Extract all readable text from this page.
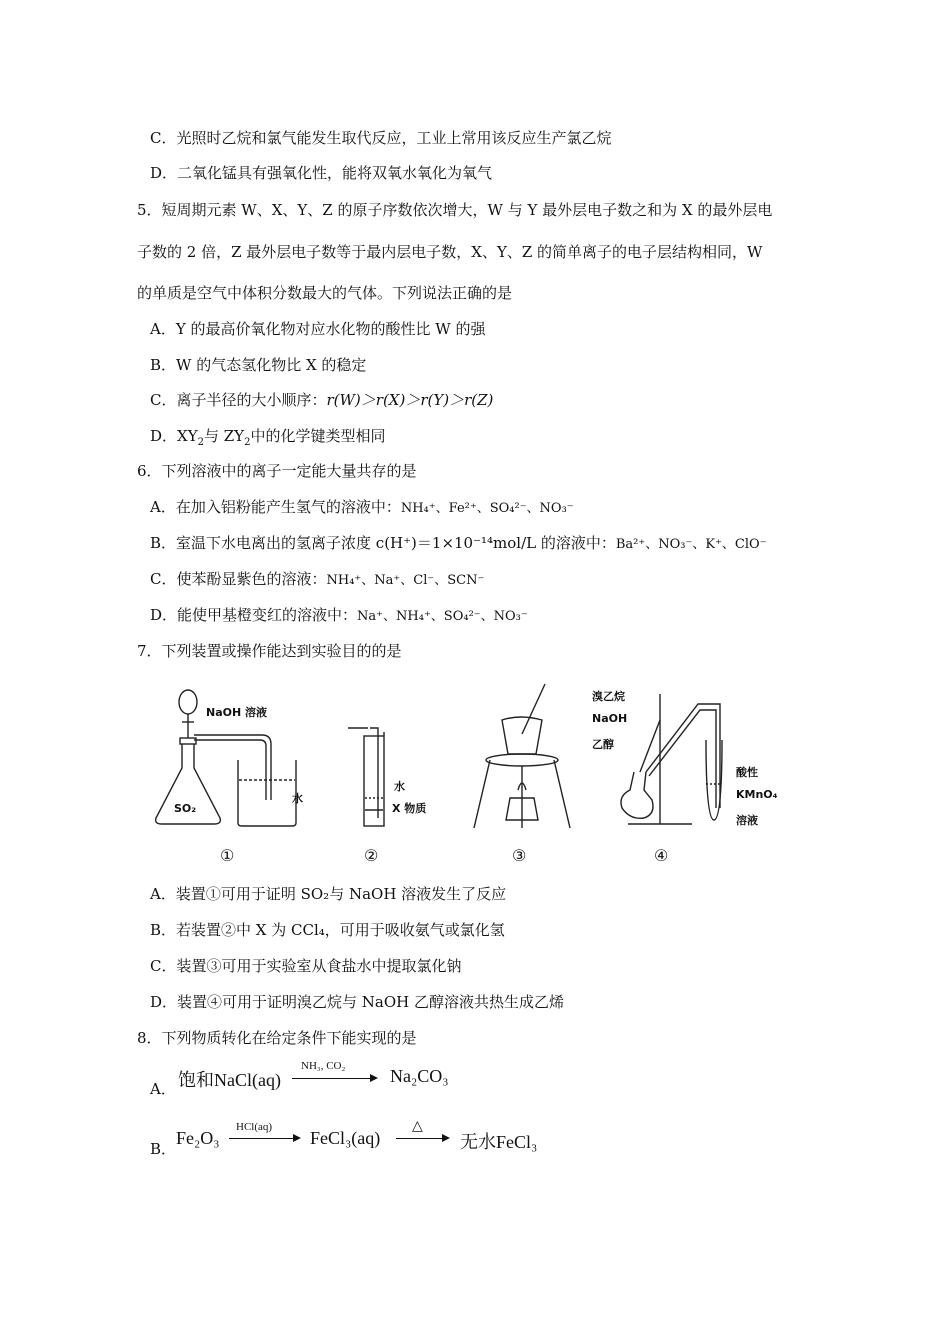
C．光照时乙烷和氯气能发生取代反应，工业上常用该反应生产氯乙烷
D．二氧化锰具有强氧化性，能将双氧水氧化为氧气
5．短周期元素 W、X、Y、Z 的原子序数依次增大，W 与 Y 最外层电子数之和为 X 的最外层电
子数的 2 倍，Z 最外层电子数等于最内层电子数，X、Y、Z 的简单离子的电子层结构相同，W
的单质是空气中体积分数最大的气体。下列说法正确的是
A．Y 的最高价氧化物对应水化物的酸性比 W 的强
B．W 的气态氢化物比 X 的稳定
C．离子半径的大小顺序：r(W)＞r(X)＞r(Y)＞r(Z)
D．$XY_2$与 $ZY_2$中的化学键类型相同
6．下列溶液中的离子一定能大量共存的是
A．在加入铝粉能产生氢气的溶液中：NH₄⁺、Fe²⁺、SO₄²⁻、NO₃⁻
B．室温下水电离出的氢离子浓度 c(H⁺)＝1×10⁻¹⁴mol/L 的溶液中：Ba²⁺、NO₃⁻、K⁺、ClO⁻
C．使苯酚显紫色的溶液：NH₄⁺、Na⁺、Cl⁻、SCN⁻
D．能使甲基橙变红的溶液中：Na⁺、NH₄⁺、SO₄²⁻、NO₃⁻
7．下列装置或操作能达到实验目的的是
NaOH 溶液
SO₂
水
水
X 物质
溴乙烷
NaOH
乙醇
酸性
KMnO₄
溶液
①	②	③	④
A．装置①可用于证明 SO₂与 NaOH 溶液发生了反应
B．若装置②中 X 为 CCl₄，可用于吸收氨气或氯化氢
C．装置③可用于实验室从食盐水中提取氯化钠
D．装置④可用于证明溴乙烷与 NaOH 乙醇溶液共热生成乙烯
8．下列物质转化在给定条件下能实现的是
A． 饱和NaCl(aq)
NH₃, CO₂ Na₂CO₃
B．
Fe₂O₃
HCl(aq)
FeCl₃(aq)
△
→ 无水FeCl₃
